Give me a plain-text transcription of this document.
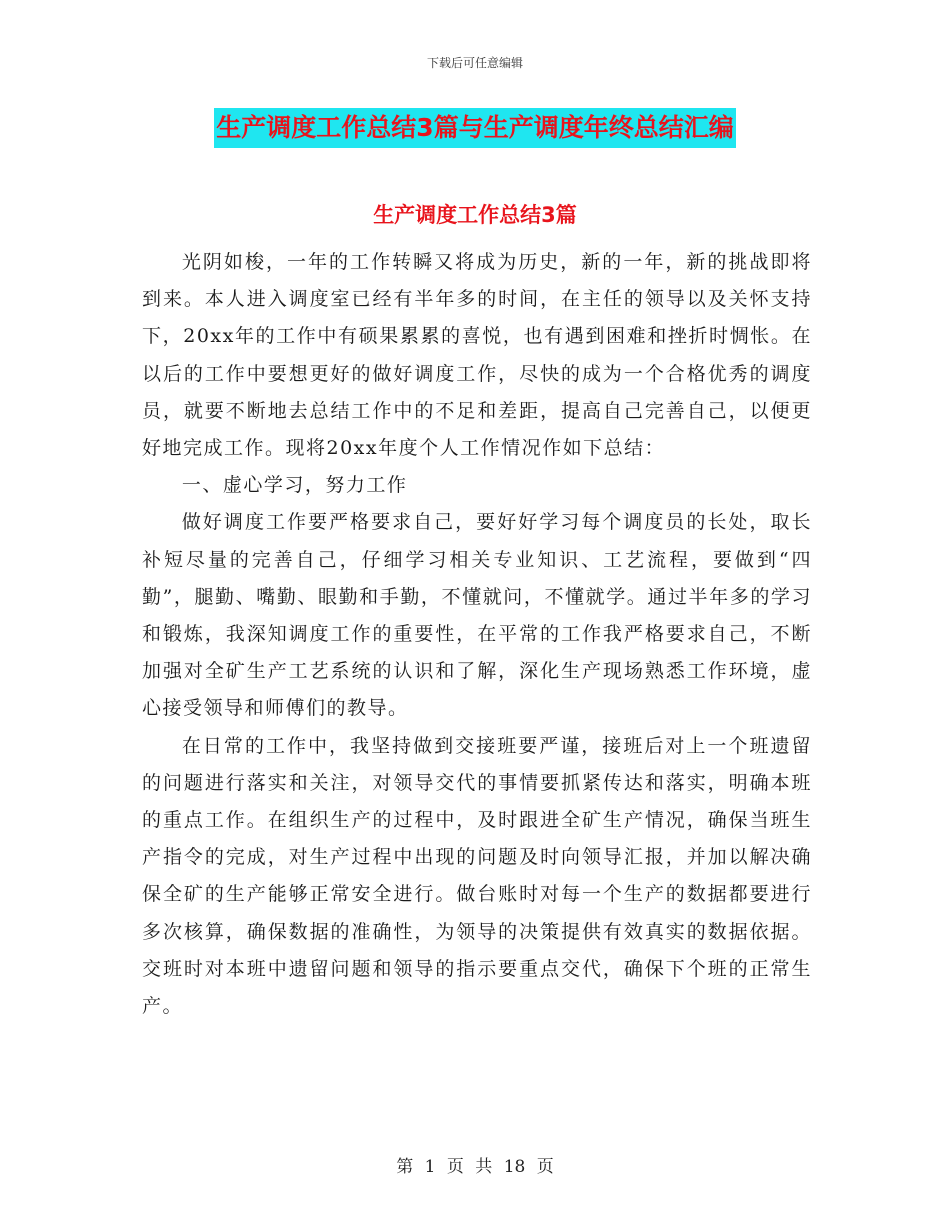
下载后可任意编辑
生产调度工作总结3篇与生产调度年终总结汇编
生产调度工作总结3篇

光阴如梭，一年的工作转瞬又将成为历史，新的一年，新的挑战即将到来。本人进入调度室已经有半年多的时间，在主任的领导以及关怀支持下，20xx年的工作中有硕果累累的喜悦，也有遇到困难和挫折时惆怅。在以后的工作中要想更好的做好调度工作，尽快的成为一个合格优秀的调度员，就要不断地去总结工作中的不足和差距，提高自己完善自己，以便更好地完成工作。现将20xx年度个人工作情况作如下总结：

一、虚心学习，努力工作

做好调度工作要严格要求自己，要好好学习每个调度员的长处，取长补短尽量的完善自己，仔细学习相关专业知识、工艺流程，要做到“四勤”，腿勤、嘴勤、眼勤和手勤，不懂就问，不懂就学。通过半年多的学习和锻炼，我深知调度工作的重要性，在平常的工作我严格要求自己，不断加强对全矿生产工艺系统的认识和了解，深化生产现场熟悉工作环境，虚心接受领导和师傅们的教导。

在日常的工作中，我坚持做到交接班要严谨，接班后对上一个班遗留的问题进行落实和关注，对领导交代的事情要抓紧传达和落实，明确本班的重点工作。在组织生产的过程中，及时跟进全矿生产情况，确保当班生产指令的完成，对生产过程中出现的问题及时向领导汇报，并加以解决确保全矿的生产能够正常安全进行。做台账时对每一个生产的数据都要进行多次核算，确保数据的准确性，为领导的决策提供有效真实的数据依据。交班时对本班中遗留问题和领导的指示要重点交代，确保下个班的正常生产。

第 1 页 共 18 页
